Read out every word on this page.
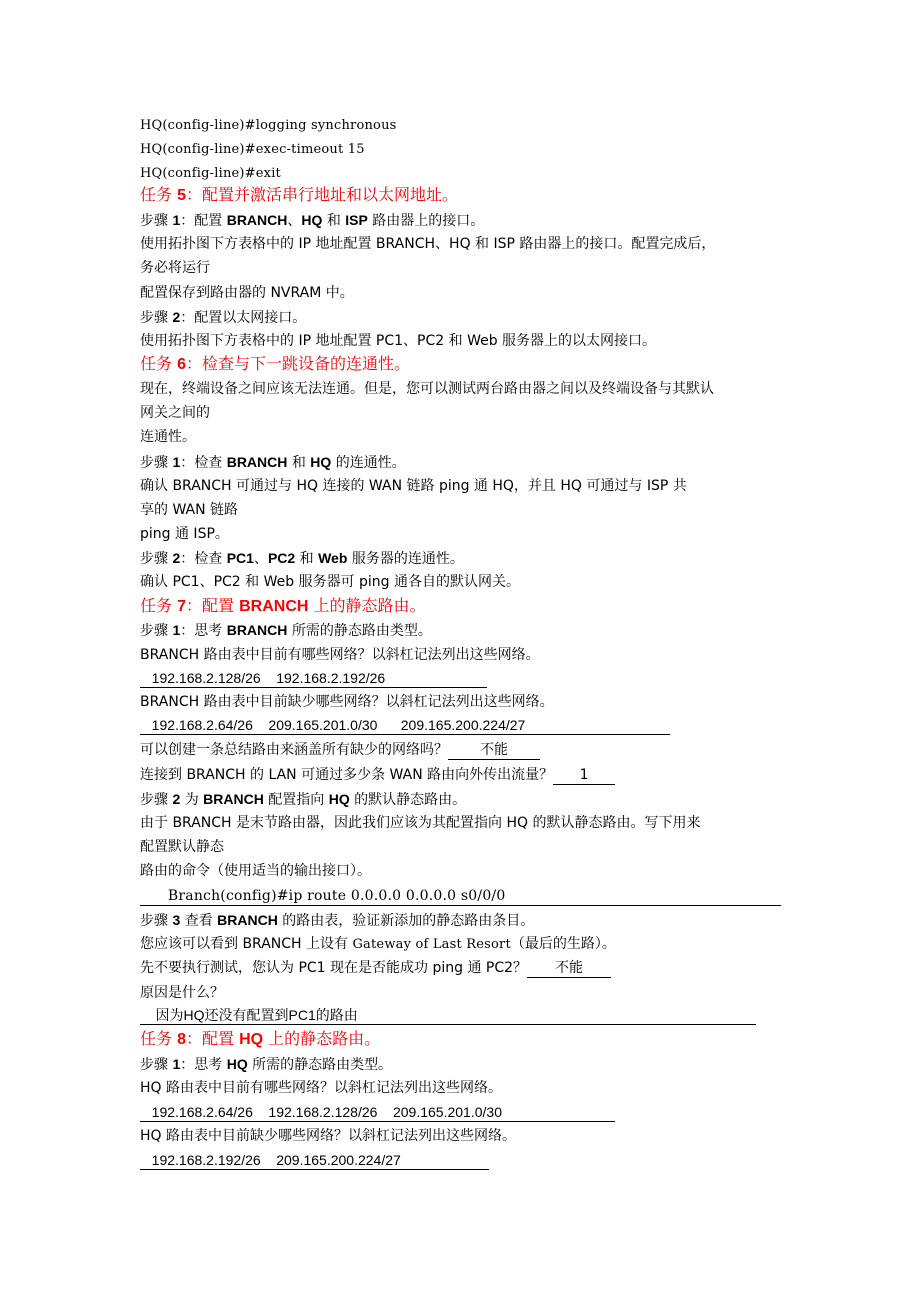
HQ(config-line)#logging synchronous
HQ(config-line)#exec-timeout 15
HQ(config-line)#exit
任务 5：配置并激活串行地址和以太网地址。
步骤 1：配置 BRANCH、HQ 和 ISP 路由器上的接口。
使用拓扑图下方表格中的 IP 地址配置 BRANCH、HQ 和 ISP 路由器上的接口。配置完成后，
务必将运行
配置保存到路由器的 NVRAM 中。
步骤 2：配置以太网接口。
使用拓扑图下方表格中的 IP 地址配置 PC1、PC2 和 Web 服务器上的以太网接口。
任务 6：检查与下一跳设备的连通性。
现在，终端设备之间应该无法连通。但是，您可以测试两台路由器之间以及终端设备与其默认
网关之间的
连通性。
步骤 1：检查 BRANCH 和 HQ 的连通性。
确认 BRANCH 可通过与 HQ 连接的 WAN 链路 ping 通 HQ，并且 HQ 可通过与 ISP 共
享的 WAN 链路
ping 通 ISP。
步骤 2：检查 PC1、PC2 和 Web 服务器的连通性。
确认 PC1、PC2 和 Web 服务器可 ping 通各自的默认网关。
任务 7：配置 BRANCH 上的静态路由。
步骤 1：思考 BRANCH 所需的静态路由类型。
BRANCH 路由表中目前有哪些网络？以斜杠记法列出这些网络。
192.168.2.128/26    192.168.2.192/26
BRANCH 路由表中目前缺少哪些网络？以斜杠记法列出这些网络。
192.168.2.64/26    209.165.201.0/30      209.165.200.224/27
可以创建一条总结路由来涵盖所有缺少的网络吗？ 不能
连接到 BRANCH 的 LAN 可通过多少条 WAN 路由向外传出流量？ 1
步骤 2 为 BRANCH 配置指向 HQ 的默认静态路由。
由于 BRANCH 是末节路由器，因此我们应该为其配置指向 HQ 的默认静态路由。写下用来
配置默认静态
路由的命令（使用适当的输出接口）。
Branch(config)#ip route 0.0.0.0 0.0.0.0 s0/0/0
步骤 3 查看 BRANCH 的路由表，验证新添加的静态路由条目。
您应该可以看到 BRANCH 上设有 Gateway of Last Resort（最后的生路）。
先不要执行测试，您认为 PC1 现在是否能成功 ping 通 PC2？ 不能
原因是什么？
因为HQ还没有配置到PC1的路由
任务 8：配置 HQ 上的静态路由。
步骤 1：思考 HQ 所需的静态路由类型。
HQ 路由表中目前有哪些网络？以斜杠记法列出这些网络。
192.168.2.64/26    192.168.2.128/26    209.165.201.0/30
HQ 路由表中目前缺少哪些网络？以斜杠记法列出这些网络。
192.168.2.192/26    209.165.200.224/27
